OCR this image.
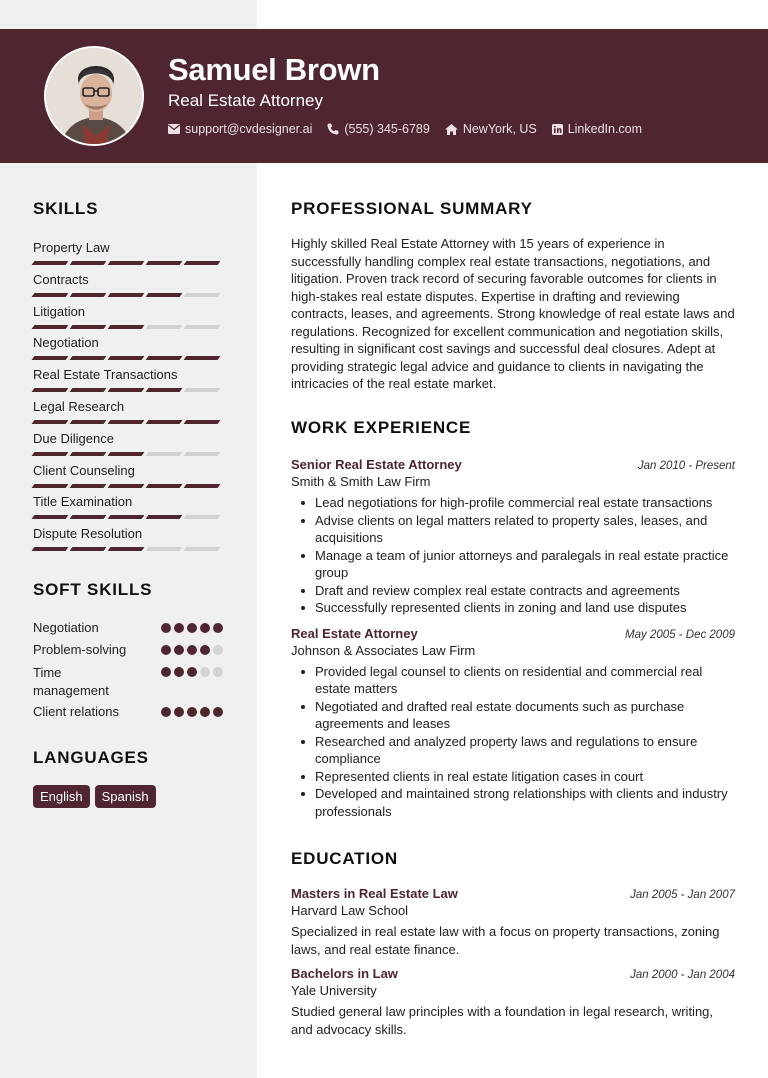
Samuel Brown
Real Estate Attorney
support@cvdesigner.ai	(555) 345-6789	NewYork, US LinkedIn.com
SKILLS
Property Law
Contracts
Litigation
Negotiation
Real Estate Transactions
Legal Research
Due Diligence
Client Counseling
Title Examination
Dispute Resolution
SOFT SKILLS
Negotiation
Problem-solving
Time management
Client relations
LANGUAGES
English	Spanish
PROFESSIONAL SUMMARY
Highly skilled Real Estate Attorney with 15 years of experience in successfully handling complex real estate transactions, negotiations, and litigation. Proven track record of securing favorable outcomes for clients in high-stakes real estate disputes. Expertise in drafting and reviewing contracts, leases, and agreements. Strong knowledge of real estate laws and regulations. Recognized for excellent communication and negotiation skills, resulting in significant cost savings and successful deal closures. Adept at providing strategic legal advice and guidance to clients in navigating the intricacies of the real estate market.
WORK EXPERIENCE
Senior Real Estate Attorney	Jan 2010 - Present
Smith & Smith Law Firm
Lead negotiations for high-profile commercial real estate transactions
Advise clients on legal matters related to property sales, leases, and acquisitions
Manage a team of junior attorneys and paralegals in real estate practice group
Draft and review complex real estate contracts and agreements
Successfully represented clients in zoning and land use disputes
Real Estate Attorney	May 2005 - Dec 2009
Johnson & Associates Law Firm
Provided legal counsel to clients on residential and commercial real estate matters
Negotiated and drafted real estate documents such as purchase agreements and leases
Researched and analyzed property laws and regulations to ensure compliance
Represented clients in real estate litigation cases in court
Developed and maintained strong relationships with clients and industry professionals
EDUCATION
Masters in Real Estate Law	Jan 2005 - Jan 2007
Harvard Law School
Specialized in real estate law with a focus on property transactions, zoning laws, and real estate finance.
Bachelors in Law	Jan 2000 - Jan 2004
Yale University
Studied general law principles with a foundation in legal research, writing, and advocacy skills.
